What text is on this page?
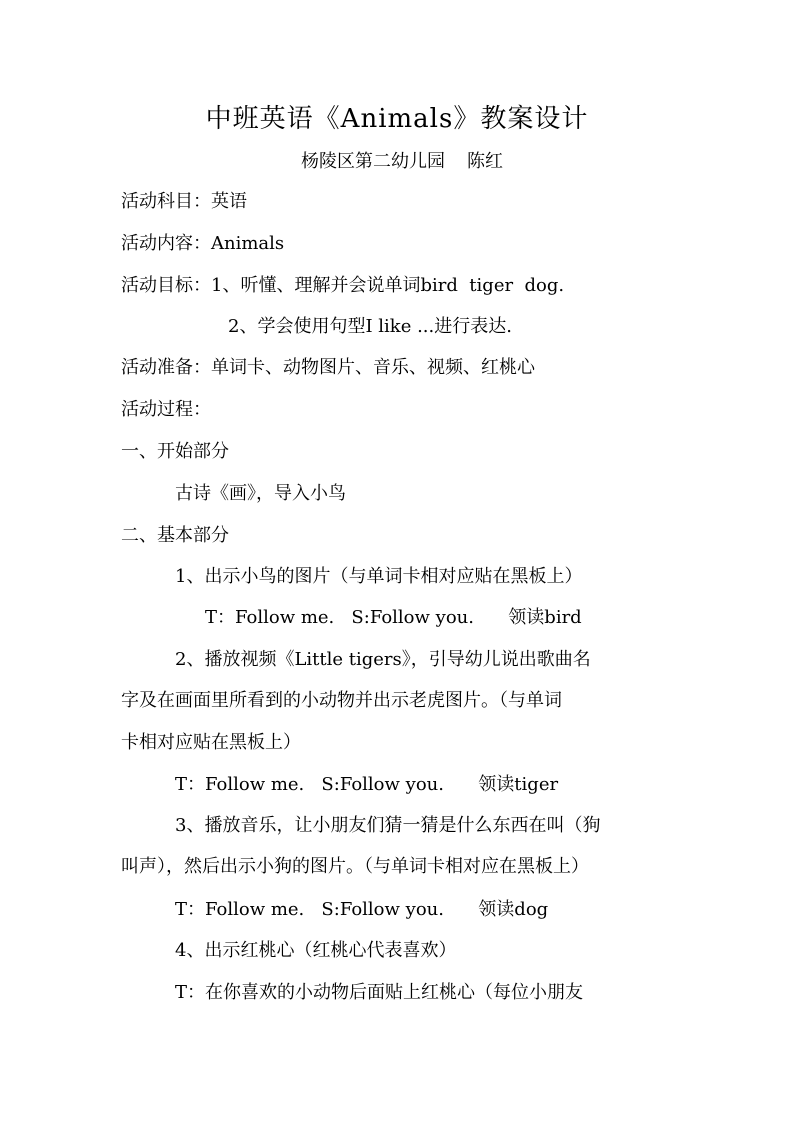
中班英语《Animals》教案设计
杨陵区第二幼儿园 陈红
活动科目：英语
活动内容：Animals
活动目标：1、听懂、理解并会说单词bird  tiger  dog.
2、学会使用句型I like ...进行表达.
活动准备：单词卡、动物图片、音乐、视频、红桃心
活动过程：
一、开始部分
古诗《画》，导入小鸟
二、基本部分
1、出示小鸟的图片（与单词卡相对应贴在黑板上）
T：Follow me.   S:Follow you.      领读bird
2、播放视频《Little tigers》，引导幼儿说出歌曲名
字及在画面里所看到的小动物并出示老虎图片。（与单词
卡相对应贴在黑板上）
T：Follow me.   S:Follow you.      领读tiger
3、播放音乐，让小朋友们猜一猜是什么东西在叫（狗
叫声），然后出示小狗的图片。（与单词卡相对应在黑板上）
T：Follow me.   S:Follow you.      领读dog
4、出示红桃心（红桃心代表喜欢）
T：在你喜欢的小动物后面贴上红桃心（每位小朋友
